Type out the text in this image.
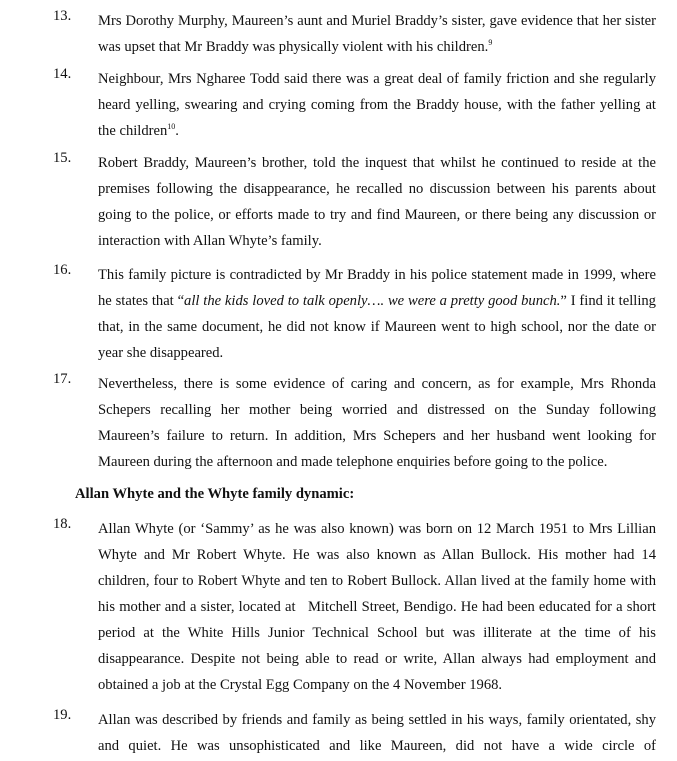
13. Mrs Dorothy Murphy, Maureen’s aunt and Muriel Braddy’s sister, gave evidence that her sister was upset that Mr Braddy was physically violent with his children.$^9$
14. Neighbour, Mrs Ngharee Todd said there was a great deal of family friction and she regularly heard yelling, swearing and crying coming from the Braddy house, with the father yelling at the children$^{10}$.
15. Robert Braddy, Maureen’s brother, told the inquest that whilst he continued to reside at the premises following the disappearance, he recalled no discussion between his parents about going to the police, or efforts made to try and find Maureen, or there being any discussion or interaction with Allan Whyte’s family.
16. This family picture is contradicted by Mr Braddy in his police statement made in 1999, where he states that “all the kids loved to talk openly…. we were a pretty good bunch.” I find it telling that, in the same document, he did not know if Maureen went to high school, nor the date or year she disappeared.
17. Nevertheless, there is some evidence of caring and concern, as for example, Mrs Rhonda Schepers recalling her mother being worried and distressed on the Sunday following Maureen’s failure to return. In addition, Mrs Schepers and her husband went looking for Maureen during the afternoon and made telephone enquiries before going to the police.
Allan Whyte and the Whyte family dynamic:
18. Allan Whyte (or ‘Sammy’ as he was also known) was born on 12 March 1951 to Mrs Lillian Whyte and Mr Robert Whyte. He was also known as Allan Bullock. His mother had 14 children, four to Robert Whyte and ten to Robert Bullock. Allan lived at the family home with his mother and a sister, located at   Mitchell Street, Bendigo. He had been educated for a short period at the White Hills Junior Technical School but was illiterate at the time of his disappearance. Despite not being able to read or write, Allan always had employment and obtained a job at the Crystal Egg Company on the 4 November 1968.
19. Allan was described by friends and family as being settled in his ways, family orientated, shy and quiet. He was unsophisticated and like Maureen, did not have a wide circle of
